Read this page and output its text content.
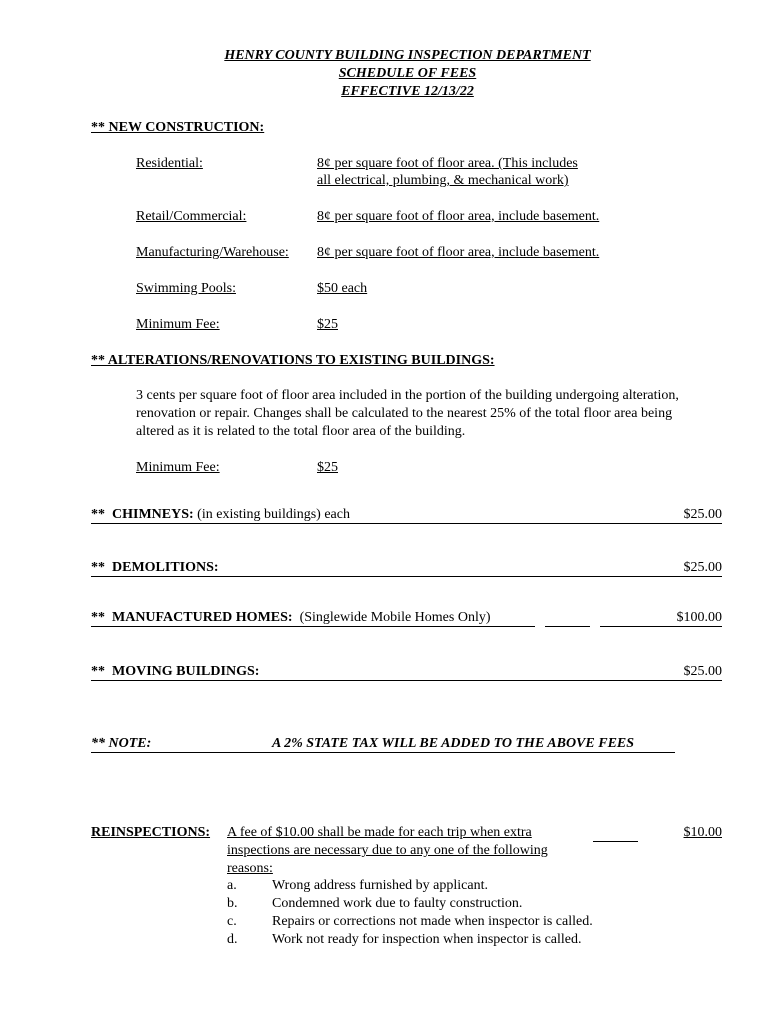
HENRY COUNTY BUILDING INSPECTION DEPARTMENT
SCHEDULE OF FEES
EFFECTIVE 12/13/22
** NEW CONSTRUCTION:
Residential:	8¢ per square foot of floor area. (This includes
all electrical, plumbing, & mechanical work)
Retail/Commercial:	8¢ per square foot of floor area, include basement.
Manufacturing/Warehouse: 8¢ per square foot of floor area, include basement.
Swimming Pools:	$50 each
Minimum Fee:	$25
** ALTERATIONS/RENOVATIONS TO EXISTING BUILDINGS:
3 cents per square foot of floor area included in the portion of the building undergoing alteration,
renovation or repair. Changes shall be calculated to the nearest 25% of the total floor area being
altered as it is related to the total floor area of the building.
Minimum Fee:	$25
** CHIMNEYS: (in existing buildings) each	$25.00
** DEMOLITIONS:	$25.00
** MANUFACTURED HOMES: (Singlewide Mobile Homes Only)	$100.00
** MOVING BUILDINGS:	$25.00
** NOTE:	A 2% STATE TAX WILL BE ADDED TO THE ABOVE FEES
REINSPECTIONS: A fee of $10.00 shall be made for each trip when extra	$10.00
inspections are necessary due to any one of the following
reasons:
a.	Wrong address furnished by applicant.
b. Condemned work due to faulty construction.
c.	Repairs or corrections not made when inspector is called.
d. Work not ready for inspection when inspector is called.
